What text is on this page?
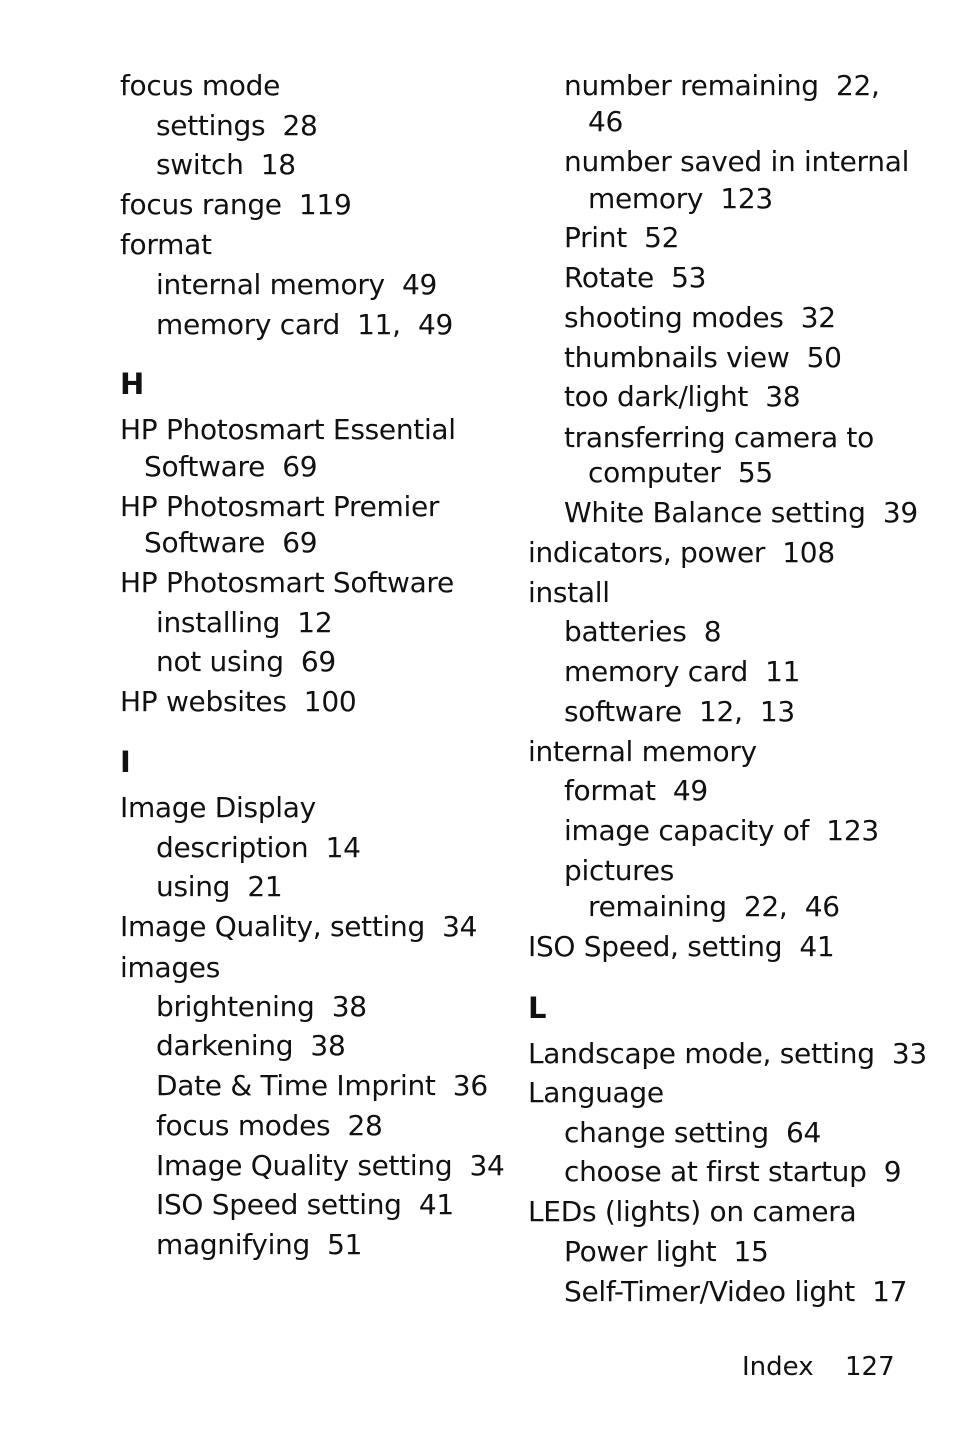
focus mode
settings  28
switch  18
focus range  119
format
internal memory  49
memory card  11,  49
H
HP Photosmart Essential
Software  69
HP Photosmart Premier
Software  69
HP Photosmart Software
installing  12
not using  69
HP websites  100
I
Image Display
description  14
using  21
Image Quality, setting  34
images
brightening  38
darkening  38
Date & Time Imprint  36
focus modes  28
Image Quality setting  34
ISO Speed setting  41
magnifying  51
number remaining  22,
46
number saved in internal
memory  123
Print  52
Rotate  53
shooting modes  32
thumbnails view  50
too dark/light  38
transferring camera to
computer  55
White Balance setting  39
indicators, power  108
install
batteries  8
memory card  11
software  12,  13
internal memory
format  49
image capacity of  123
pictures
remaining  22,  46
ISO Speed, setting  41
L
Landscape mode, setting  33
Language
change setting  64
choose at first startup  9
LEDs (lights) on camera
Power light  15
Self-Timer/Video light  17
Index 127
